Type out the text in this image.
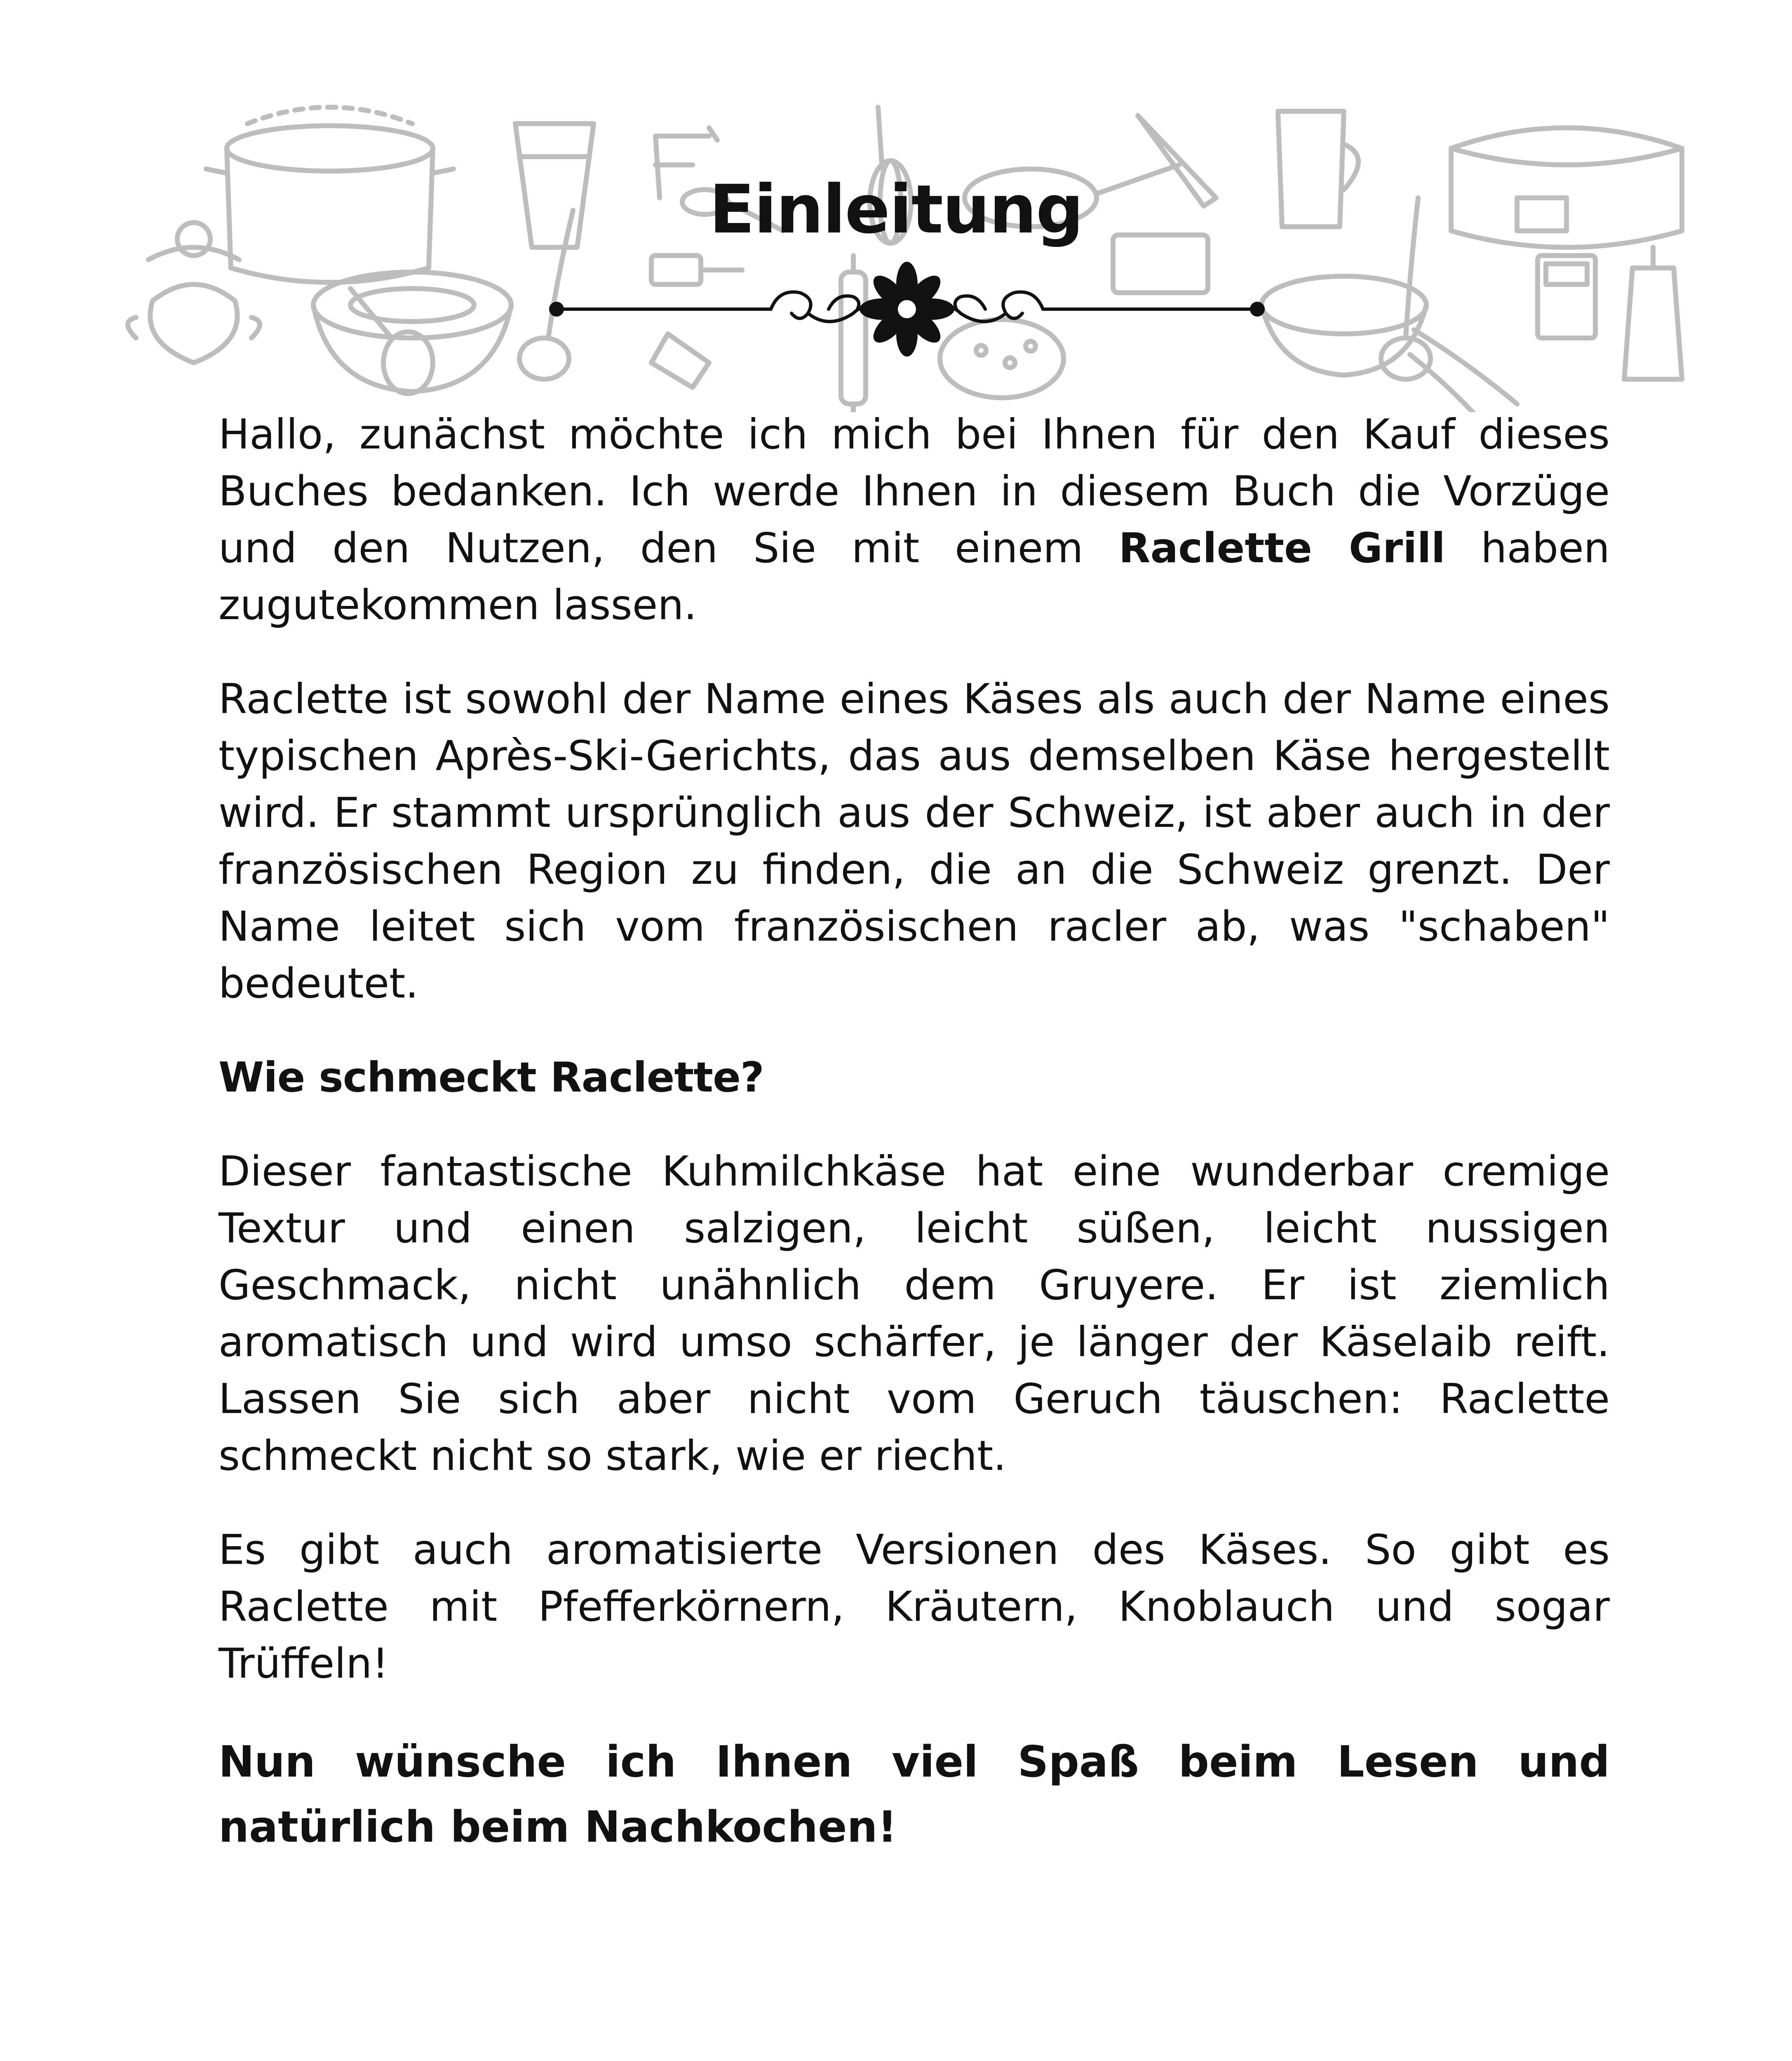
Einleitung

Hallo, zunächst möchte ich mich bei Ihnen für den Kauf dieses Buches bedanken. Ich werde Ihnen in diesem Buch die Vorzüge und den Nutzen, den Sie mit einem Raclette Grill haben zugutekommen lassen.

Raclette ist sowohl der Name eines Käses als auch der Name eines typischen Après-Ski-Gerichts, das aus demselben Käse hergestellt wird. Er stammt ursprünglich aus der Schweiz, ist aber auch in der französischen Region zu finden, die an die Schweiz grenzt. Der Name leitet sich vom französischen racler ab, was "schaben" bedeutet.

Wie schmeckt Raclette?

Dieser fantastische Kuhmilchkäse hat eine wunderbar cremige Textur und einen salzigen, leicht süßen, leicht nussigen Geschmack, nicht unähnlich dem Gruyere. Er ist ziemlich aromatisch und wird umso schärfer, je länger der Käselaib reift. Lassen Sie sich aber nicht vom Geruch täuschen: Raclette schmeckt nicht so stark, wie er riecht.

Es gibt auch aromatisierte Versionen des Käses. So gibt es Raclette mit Pfefferkörnern, Kräutern, Knoblauch und sogar Trüffeln!

Nun wünsche ich Ihnen viel Spaß beim Lesen und natürlich beim Nachkochen!
